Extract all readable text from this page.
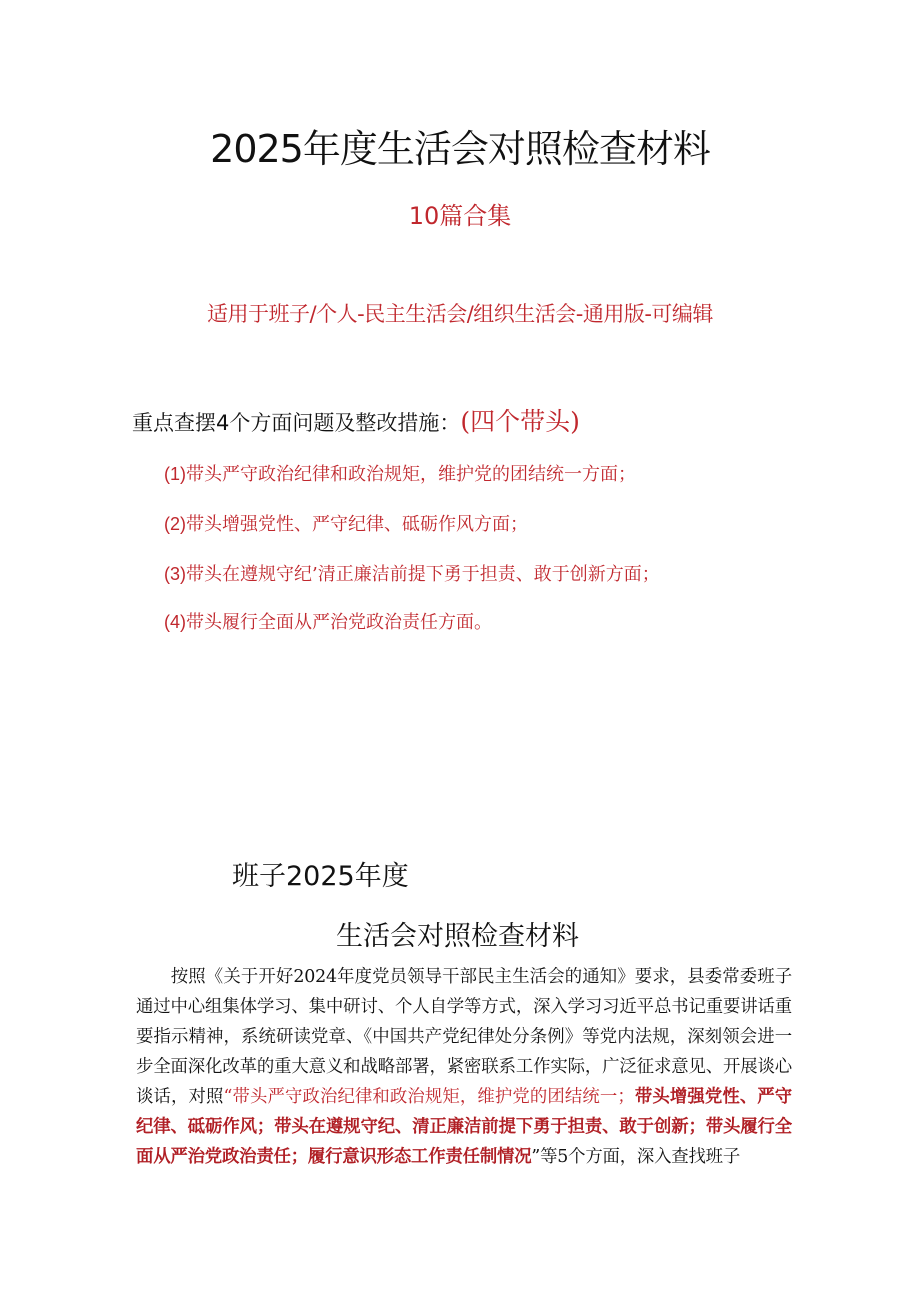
2025年度生活会对照检查材料
10篇合集
适用于班子/个人-民主生活会/组织生活会-通用版-可编辑
重点查摆4个方面问题及整改措施：(四个带头)
(1)带头严守政治纪律和政治规矩，维护党的团结统一方面；
(2)带头增强党性、严守纪律、砥砺作风方面；
(3)带头在遵规守纪’清正廉洁前提下勇于担责、敢于创新方面；
(4)带头履行全面从严治党政治责任方面。
班子2025年度
生活会对照检查材料
按照《关于开好2024年度党员领导干部民主生活会的通知》要求，县委常委班子通过中心组集体学习、集中研讨、个人自学等方式，深入学习习近平总书记重要讲话重要指示精神，系统研读党章、《中国共产党纪律处分条例》等党内法规，深刻领会进一步全面深化改革的重大意义和战略部署，紧密联系工作实际，广泛征求意见、开展谈心谈话，对照“带头严守政治纪律和政治规矩，维护党的团结统一；带头增强党性、严守纪律、砥砺作风；带头在遵规守纪、清正廉洁前提下勇于担责、敢于创新；带头履行全面从严治党政治责任；履行意识形态工作责任制情况”等5个方面，深入查找班子
